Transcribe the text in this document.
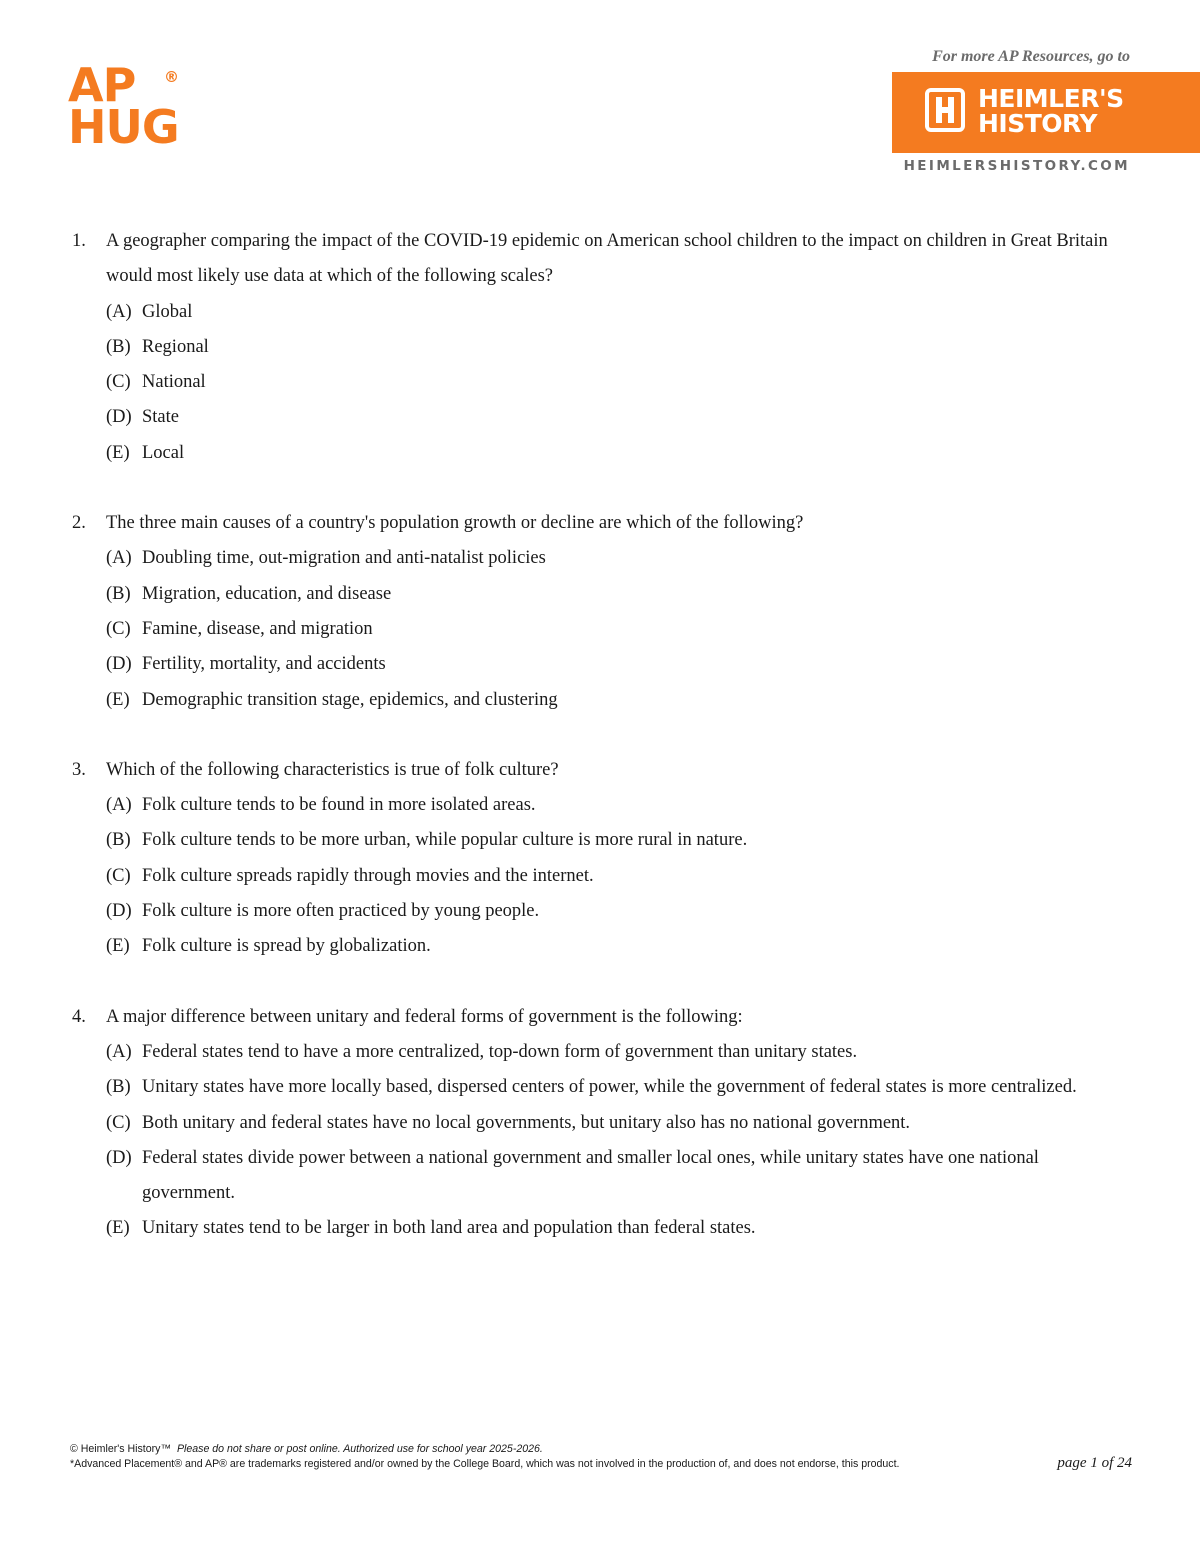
AP ®
HUG
For more AP Resources, go to
HEIMLER'S
HISTORY
HEIMLERSHISTORY.COM
1.	A geographer comparing the impact of the COVID-19 epidemic on American school children to the impact on children in Great Britain would most likely use data at which of the following scales?
(A) Global
(B) Regional
(C) National
(D) State
(E) Local
2.	The three main causes of a country's population growth or decline are which of the following?
(A) Doubling time, out-migration and anti-natalist policies
(B) Migration, education, and disease
(C) Famine, disease, and migration
(D) Fertility, mortality, and accidents
(E) Demographic transition stage, epidemics, and clustering
3.	Which of the following characteristics is true of folk culture?
(A) Folk culture tends to be found in more isolated areas.
(B) Folk culture tends to be more urban, while popular culture is more rural in nature.
(C) Folk culture spreads rapidly through movies and the internet.
(D) Folk culture is more often practiced by young people.
(E) Folk culture is spread by globalization.
4.	A major difference between unitary and federal forms of government is the following:
(A) Federal states tend to have a more centralized, top-down form of government than unitary states.
(B) Unitary states have more locally based, dispersed centers of power, while the government of federal states is more centralized.
(C) Both unitary and federal states have no local governments, but unitary also has no national government.
(D) Federal states divide power between a national government and smaller local ones, while unitary states have one national government.
(E) Unitary states tend to be larger in both land area and population than federal states.
© Heimler's History™ Please do not share or post online. Authorized use for school year 2025-2026.
*Advanced Placement® and AP® are trademarks registered and/or owned by the College Board, which was not involved in the production of, and does not endorse, this product.	page 1 of 24
